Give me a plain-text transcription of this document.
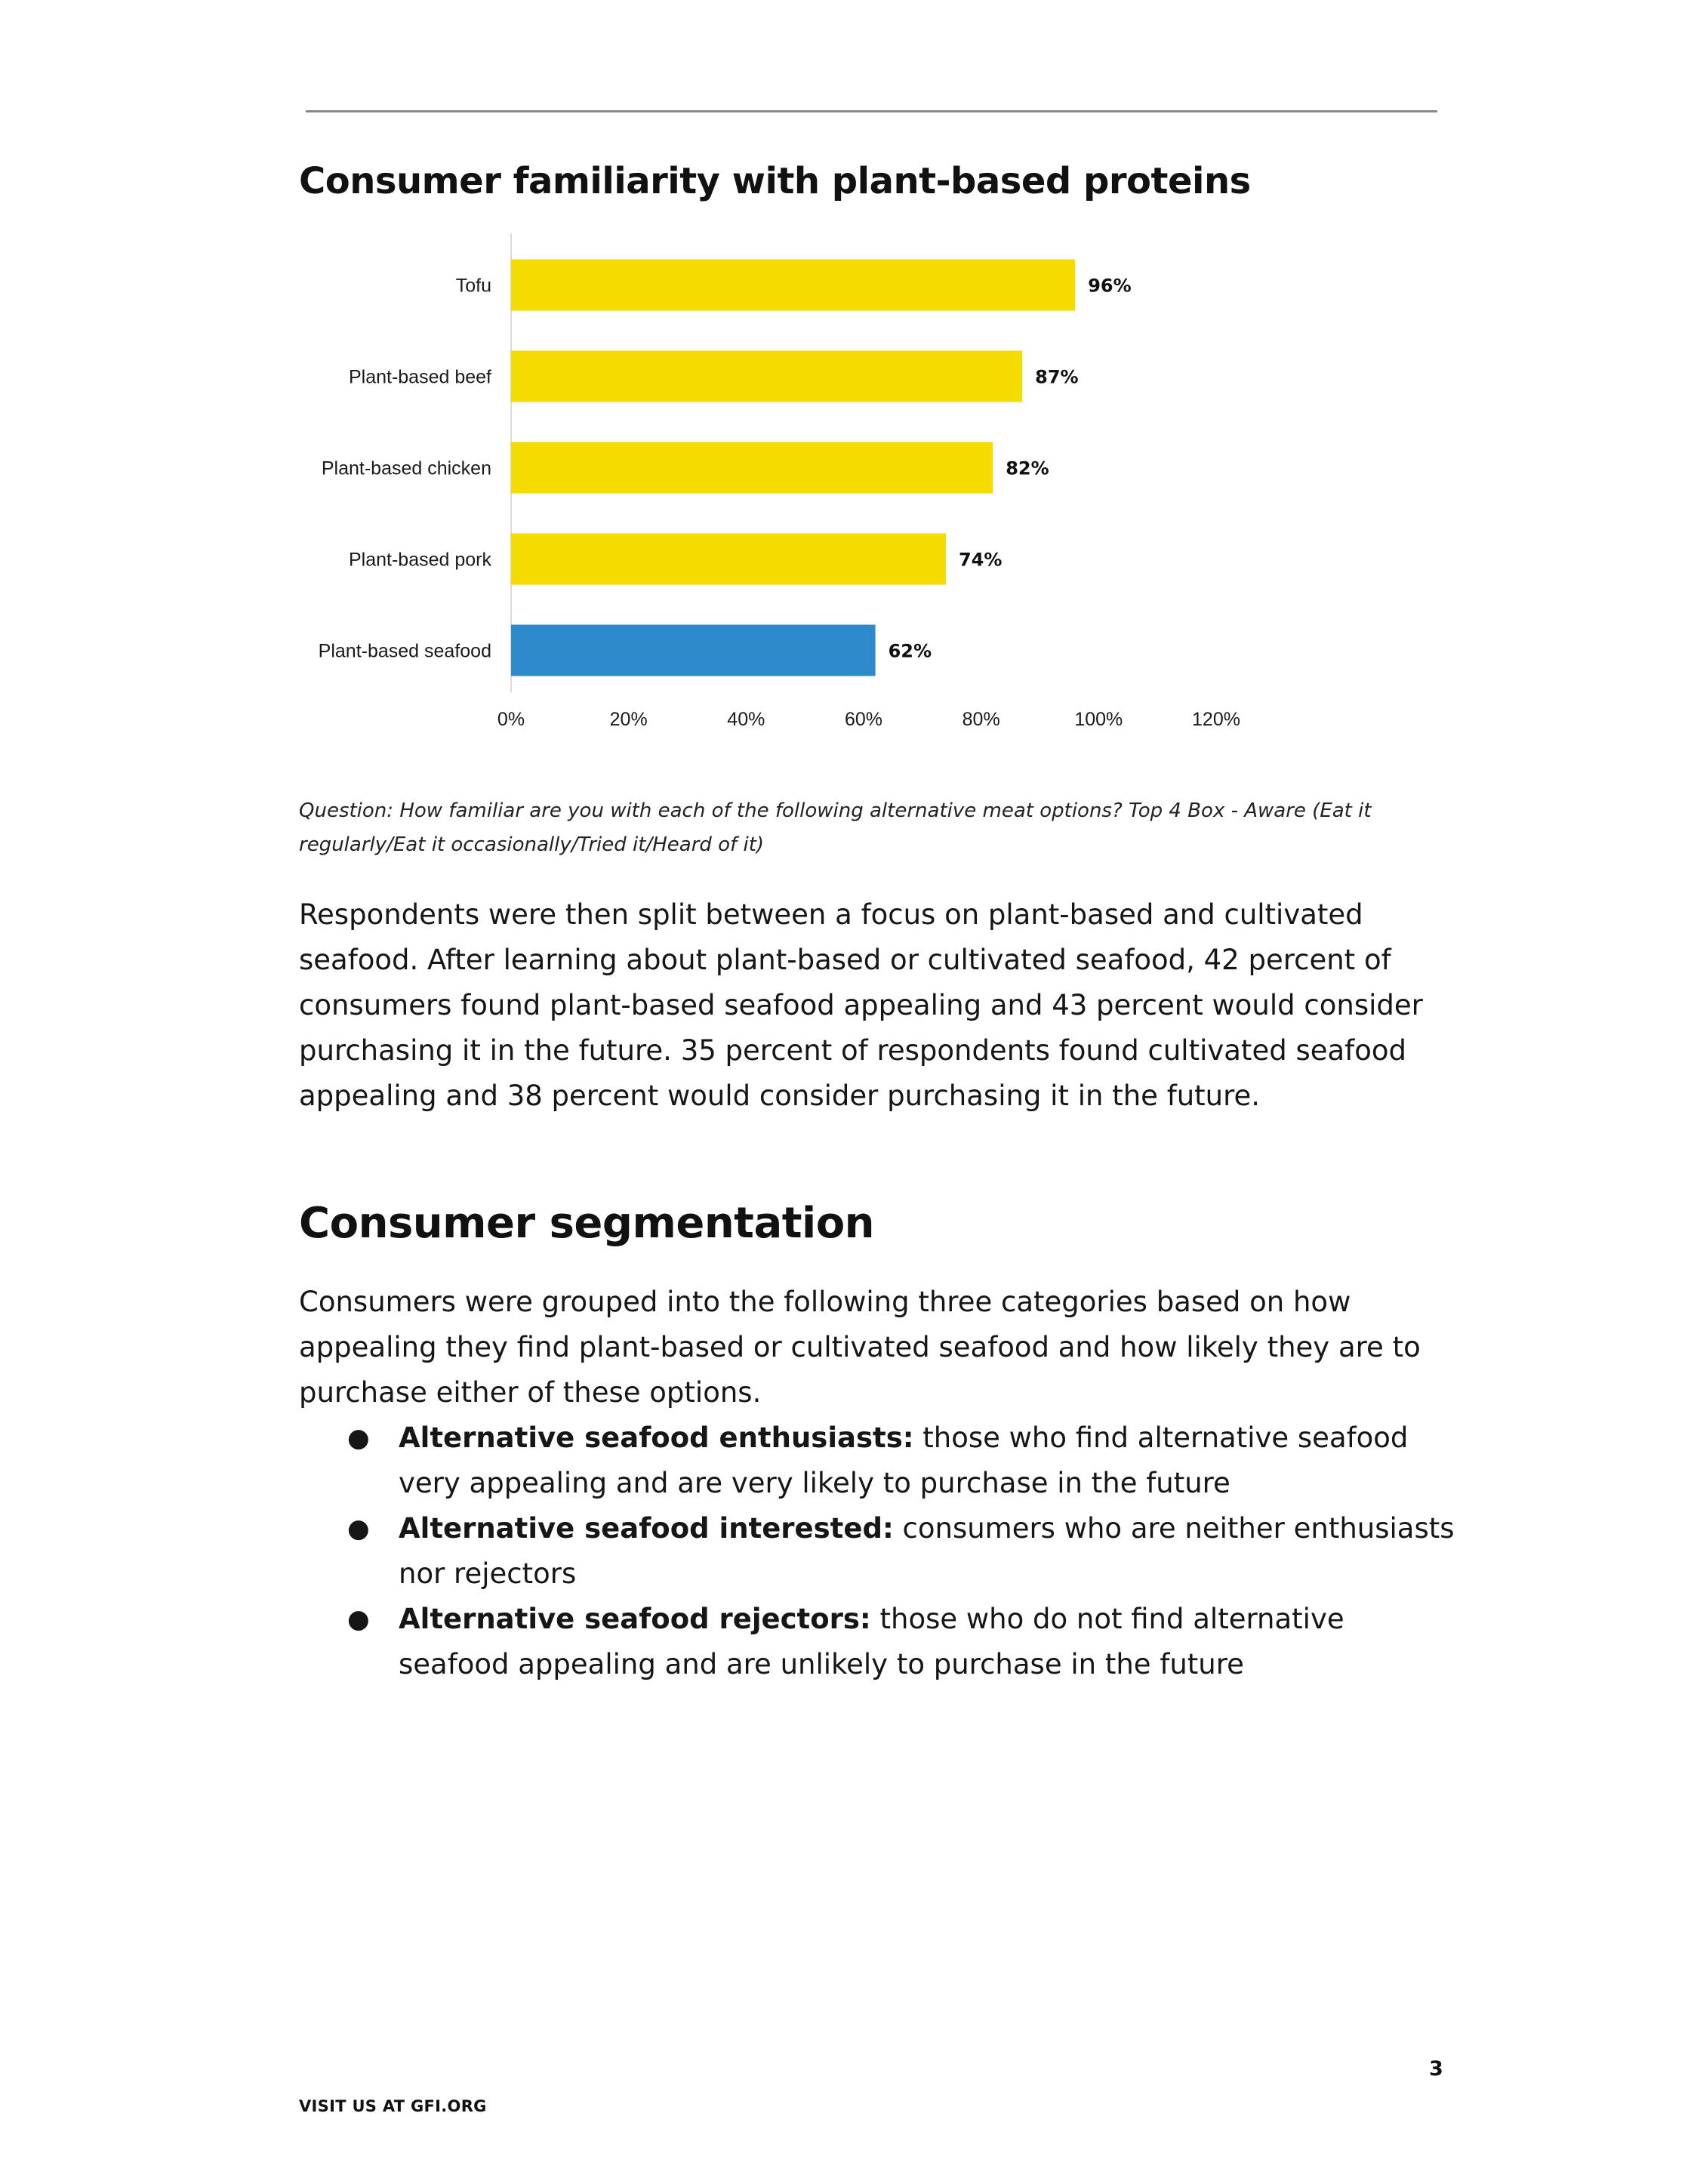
Consumer familiarity with plant-based proteins
Tofu	96%
Plant-based beef	87%
Plant-based chicken	82%
Plant-based pork	74%
Plant-based seafood	62%
0%	20%	40%	60%	80%	100%	120%

Question: How familiar are you with each of the following alternative meat options? Top 4 Box - Aware (Eat it regularly/Eat it occasionally/Tried it/Heard of it)

Respondents were then split between a focus on plant-based and cultivated seafood. After learning about plant-based or cultivated seafood, 42 percent of consumers found plant-based seafood appealing and 43 percent would consider purchasing it in the future. 35 percent of respondents found cultivated seafood appealing and 38 percent would consider purchasing it in the future.

Consumer segmentation

Consumers were grouped into the following three categories based on how appealing they find plant-based or cultivated seafood and how likely they are to purchase either of these options.

● Alternative seafood enthusiasts: those who find alternative seafood very appealing and are very likely to purchase in the future
● Alternative seafood interested: consumers who are neither enthusiasts nor rejectors
● Alternative seafood rejectors: those who do not find alternative seafood appealing and are unlikely to purchase in the future

3

VISIT US AT GFI.ORG
